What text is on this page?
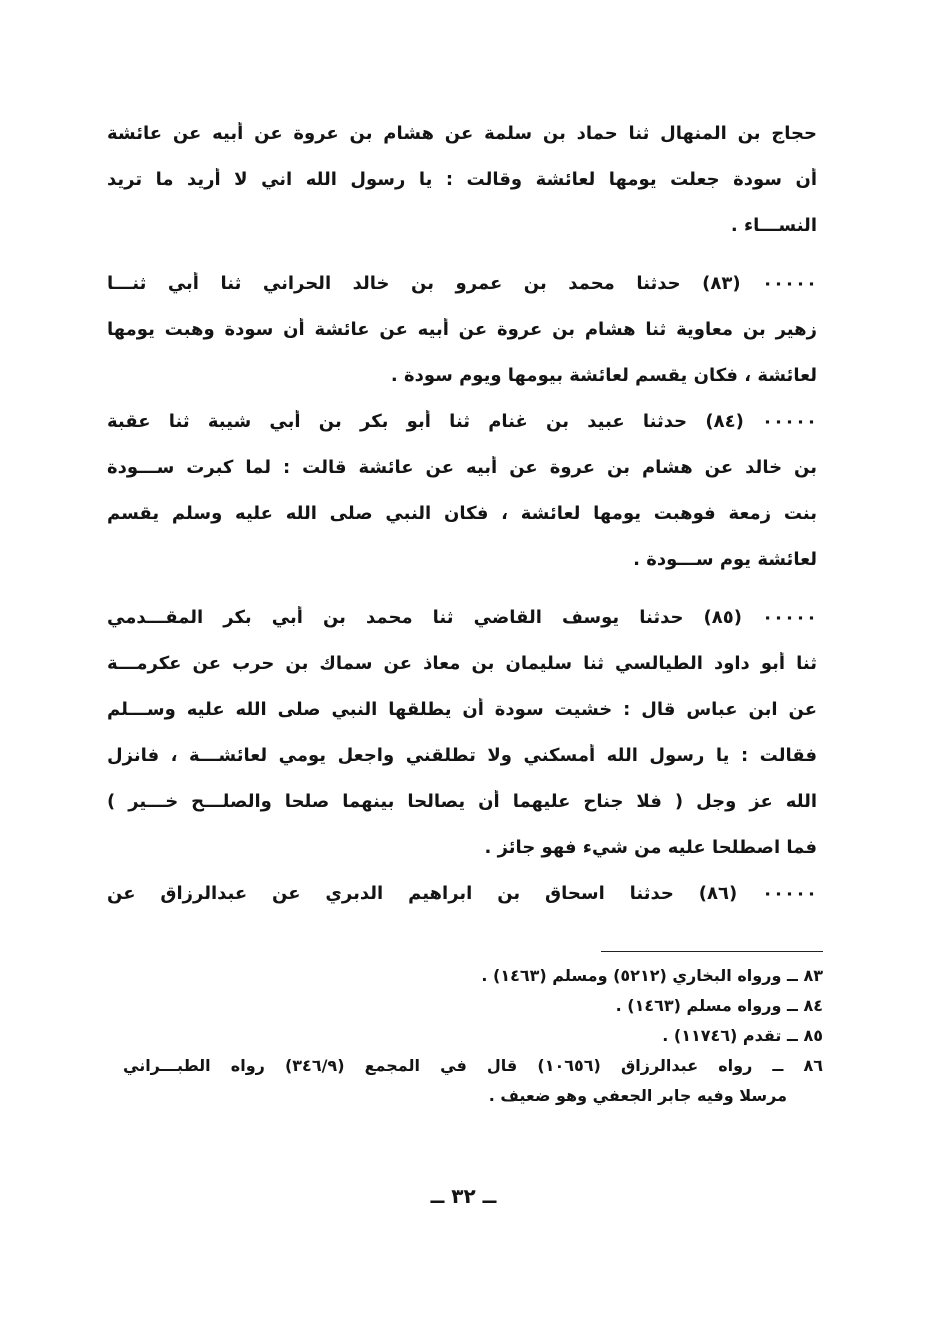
حجاج بن المنهال ثنا حماد بن سلمة عن هشام بن عروة عن أبيه عن عائشة
أن سودة جعلت يومها لعائشة وقالت : يا رسول الله اني لا أريد ما تريد
النســـاء .
٠٠٠٠٠ (٨٣) حدثنا محمد بن عمرو بن خالد الحراني ثنا أبي ثنـــا
زهير بن معاوية ثنا هشام بن عروة عن أبيه عن عائشة أن سودة وهبت يومها
لعائشة ، فكان يقسم لعائشة بيومها ويوم سودة .
٠٠٠٠٠ (٨٤) حدثنا عبيد بن غنام ثنا أبو بكر بن أبي شيبة ثنا عقبة
بن خالد عن هشام بن عروة عن أبيه عن عائشة قالت : لما كبرت ســـودة
بنت زمعة فوهبت يومها لعائشة ، فكان النبي صلى الله عليه وسلم يقسم
لعائشة يوم ســـودة .
٠٠٠٠٠ (٨٥) حدثنا يوسف القاضي ثنا محمد بن أبي بكر المقـــدمي
ثنا أبو داود الطيالسي ثنا سليمان بن معاذ عن سماك بن حرب عن عكرمـــة
عن ابن عباس قال : خشيت سودة أن يطلقها النبي صلى الله عليه وســـلم
فقالت : يا رسول الله أمسكني ولا تطلقني واجعل يومي لعائشـــة ، فانزل
الله عز وجل ( فلا جناح عليهما أن يصالحا بينهما صلحا والصلـــح خـــير )
فما اصطلحا عليه من شيء فهو جائز .
٠٠٠٠٠ (٨٦) حدثنا اسحاق بن ابراهيم الدبري عن عبدالرزاق عن
٨٣ ــ ورواه البخاري (٥٢١٢) ومسلم (١٤٦٣) .
٨٤ ــ ورواه مسلم (١٤٦٣) .
٨٥ ــ تقدم (١١٧٤٦) .
٨٦ ــ رواه عبدالرزاق (١٠٦٥٦) قال في المجمع (٣٤٦/٩) رواه الطبـــراني
مرسلا وفيه جابر الجعفي وهو ضعيف .
ــ ٣٢ ــ
